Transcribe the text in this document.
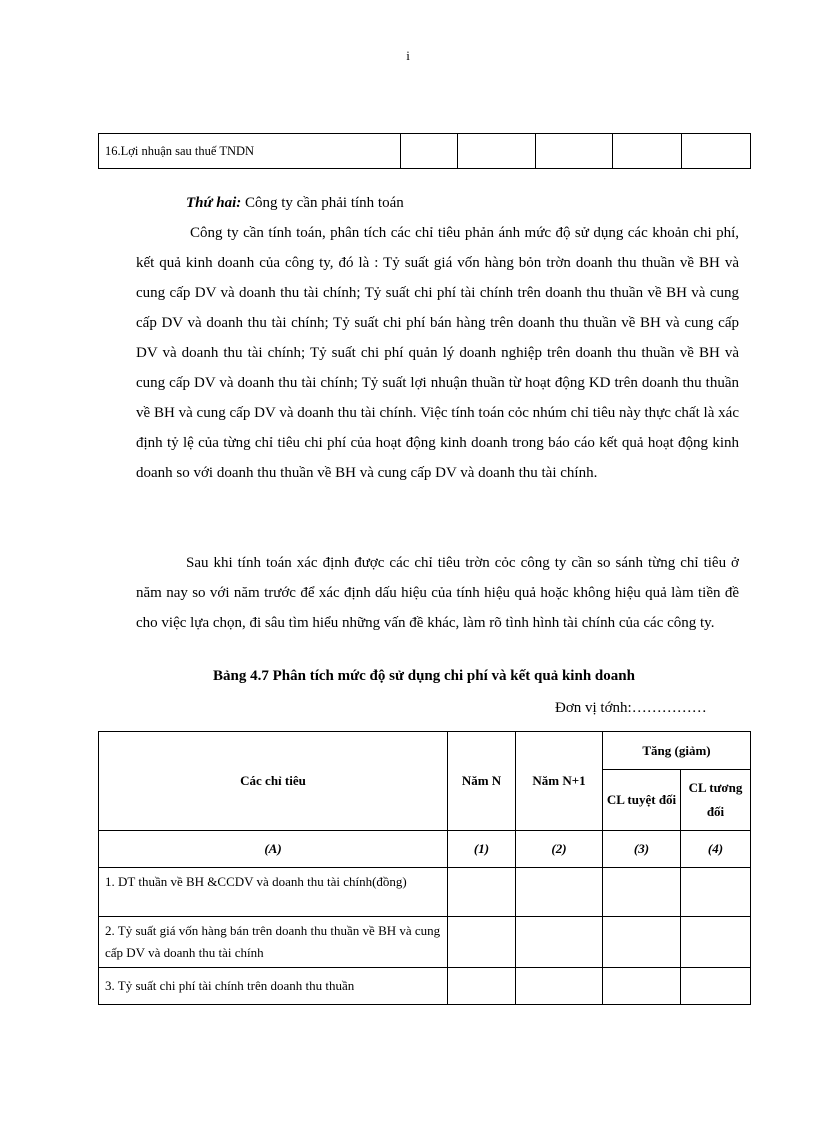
i
16.Lợi nhuận sau thuế TNDN					
Thứ hai: Công ty cần phải tính toán
Công ty cần tính toán, phân tích các chỉ tiêu phản ánh mức độ sử dụng các khoản chi phí, kết quả kinh doanh của công ty, đó là : Tỷ suất giá vốn hàng bỏn trờn doanh thu thuần về BH và cung cấp DV và doanh thu tài chính; Tỷ suất chi phí tài chính trên doanh thu thuần về BH và cung cấp DV và doanh thu tài chính; Tỷ suất chi phí bán hàng trên doanh thu thuần về BH và cung cấp DV và doanh thu tài chính; Tỷ suất chi phí quản lý doanh nghiệp trên doanh thu thuần về BH và cung cấp DV và doanh thu tài chính; Tỷ suất lợi nhuận thuần từ hoạt động KD trên doanh thu thuần về BH và cung cấp DV và doanh thu tài chính. Việc tính toán cỏc nhúm chỉ tiêu này thực chất là xác định tỷ lệ của từng chỉ tiêu chi phí của hoạt động kinh doanh trong báo cáo kết quả hoạt động kinh doanh so với doanh thu thuần về BH và cung cấp DV và doanh thu tài chính.
Sau khi tính toán xác định được các chỉ tiêu trờn cỏc công ty cần so sánh từng chỉ tiêu ở năm nay so với năm trước để xác định dấu hiệu của tính hiệu quả hoặc không hiệu quả làm tiền đề cho việc lựa chọn, đi sâu tìm hiểu những vấn đề khác, làm rõ tình hình tài chính của các công ty.
Bảng 4.7 Phân tích mức độ sử dụng chi phí và kết quả kinh doanh
Đơn vị tớnh:……………
Các chỉ tiêu	Năm N	Năm N+1	Tăng (giảm)	
			CL tuyệt đối	CL tương đối
(A)	(1)	(2)	(3)	(4)
1. DT thuần về BH &CCDV và doanh thu tài chính(đồng)				
2. Tỷ suất giá vốn hàng bán trên doanh thu thuần về BH và cung cấp DV và doanh thu tài chính				
3. Tỷ suất chi phí tài chính trên doanh thu thuần				
